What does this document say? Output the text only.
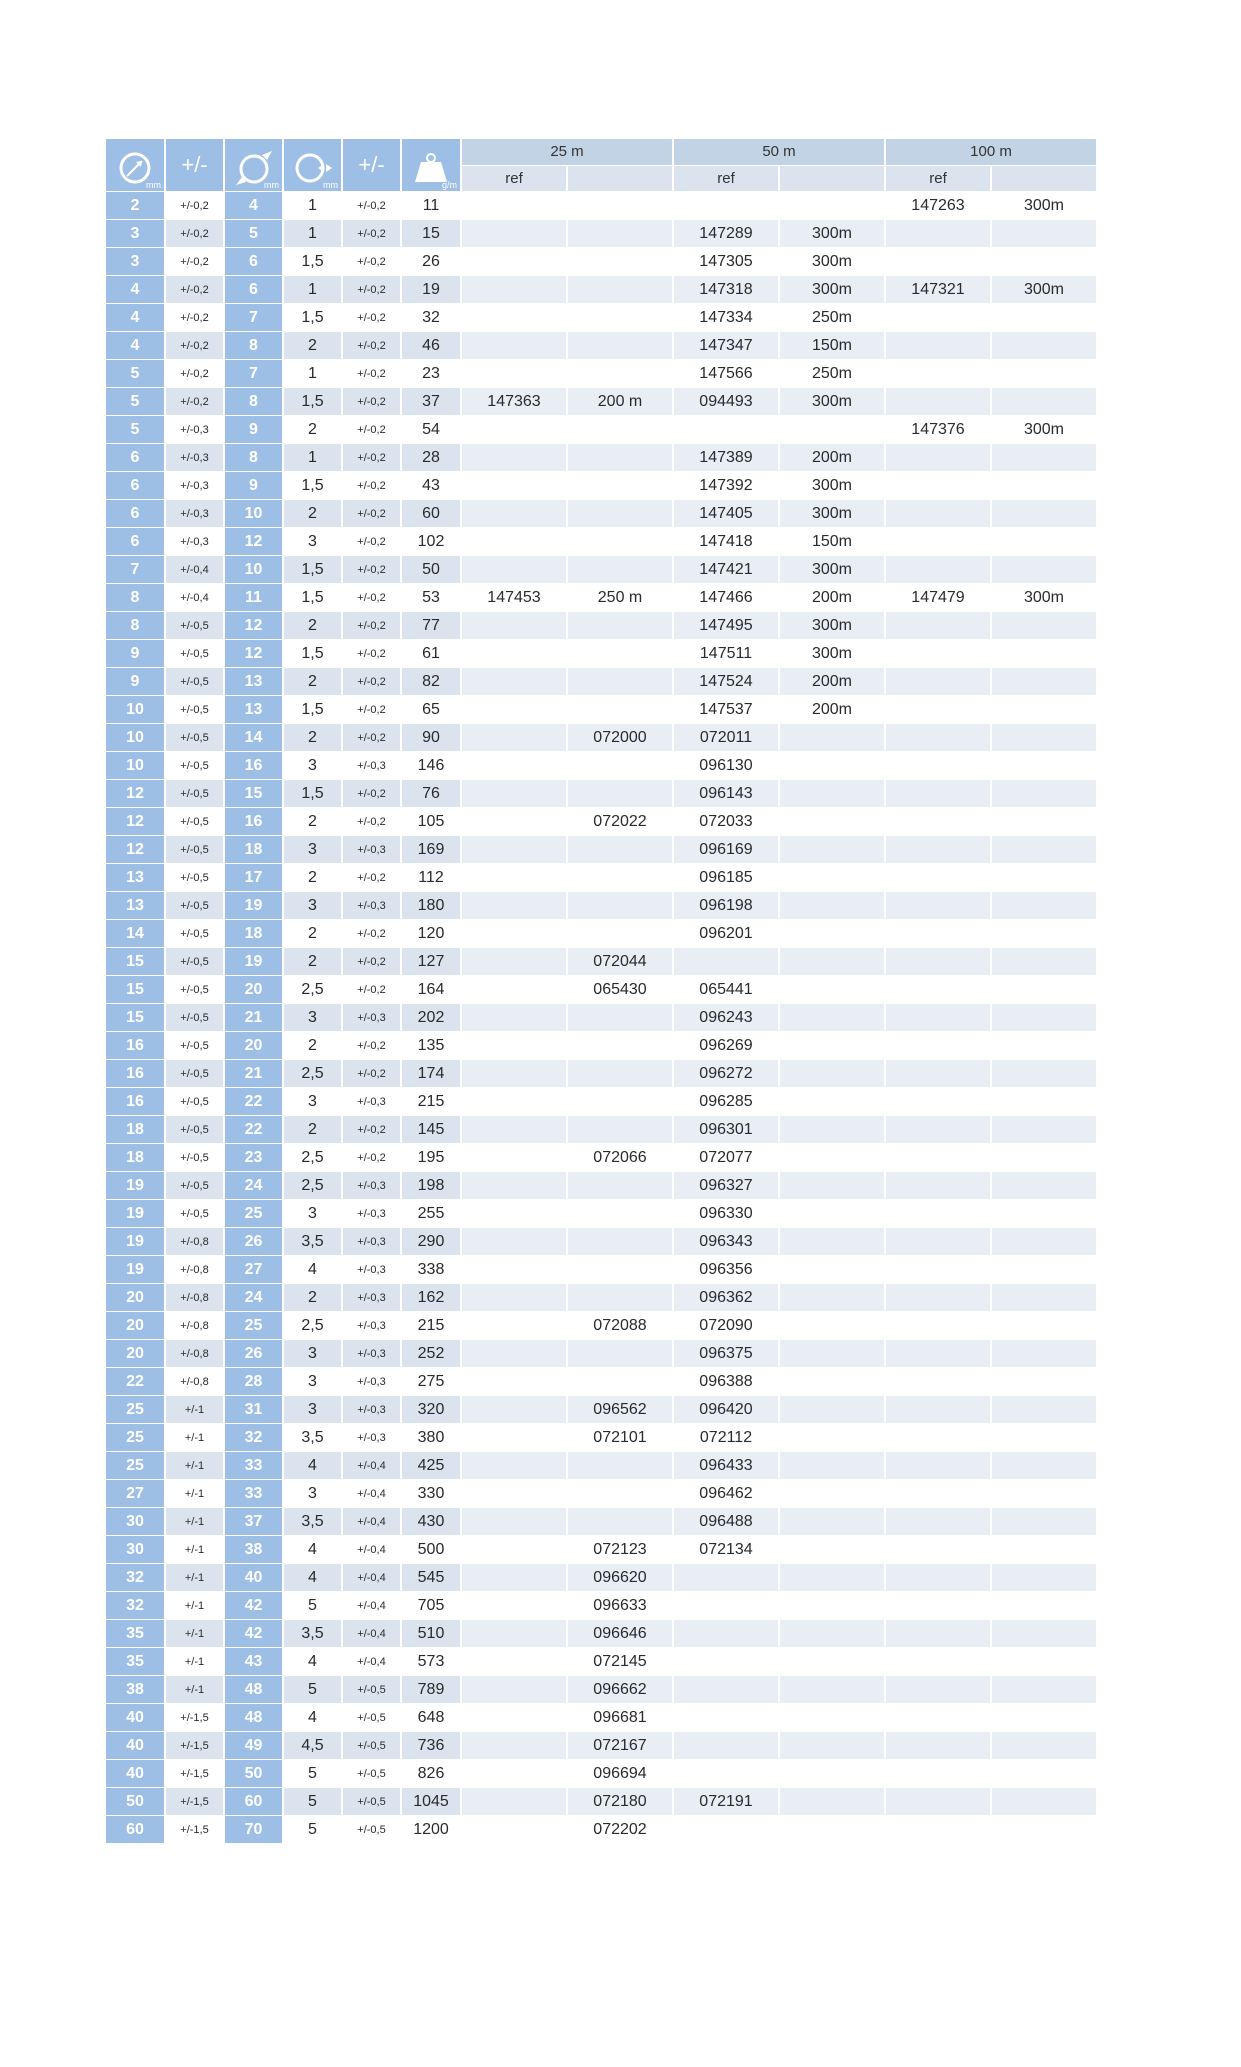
mm	+/-	mm	mm	+/-	g/m	25 m		50 m		100 m	
						ref		ref		ref	
2	+/-0,2	4	1	+/-0,2	11					147263	300m
3	+/-0,2	5	1	+/-0,2	15			147289	300m		
3	+/-0,2	6	1,5	+/-0,2	26			147305	300m		
4	+/-0,2	6	1	+/-0,2	19			147318	300m	147321	300m
4	+/-0,2	7	1,5	+/-0,2	32			147334	250m		
4	+/-0,2	8	2	+/-0,2	46			147347	150m		
5	+/-0,2	7	1	+/-0,2	23			147566	250m		
5	+/-0,2	8	1,5	+/-0,2	37	147363	200 m	094493	300m		
5	+/-0,3	9	2	+/-0,2	54					147376	300m
6	+/-0,3	8	1	+/-0,2	28			147389	200m		
6	+/-0,3	9	1,5	+/-0,2	43			147392	300m		
6	+/-0,3	10	2	+/-0,2	60			147405	300m		
6	+/-0,3	12	3	+/-0,2	102			147418	150m		
7	+/-0,4	10	1,5	+/-0,2	50			147421	300m		
8	+/-0,4	11	1,5	+/-0,2	53	147453	250 m	147466	200m	147479	300m
8	+/-0,5	12	2	+/-0,2	77			147495	300m		
9	+/-0,5	12	1,5	+/-0,2	61			147511	300m		
9	+/-0,5	13	2	+/-0,2	82			147524	200m		
10	+/-0,5	13	1,5	+/-0,2	65			147537	200m		
10	+/-0,5	14	2	+/-0,2	90		072000	072011			
10	+/-0,5	16	3	+/-0,3	146			096130			
12	+/-0,5	15	1,5	+/-0,2	76			096143			
12	+/-0,5	16	2	+/-0,2	105		072022	072033			
12	+/-0,5	18	3	+/-0,3	169			096169			
13	+/-0,5	17	2	+/-0,2	112			096185			
13	+/-0,5	19	3	+/-0,3	180			096198			
14	+/-0,5	18	2	+/-0,2	120			096201			
15	+/-0,5	19	2	+/-0,2	127		072044				
15	+/-0,5	20	2,5	+/-0,2	164		065430	065441			
15	+/-0,5	21	3	+/-0,3	202			096243			
16	+/-0,5	20	2	+/-0,2	135			096269			
16	+/-0,5	21	2,5	+/-0,2	174			096272			
16	+/-0,5	22	3	+/-0,3	215			096285			
18	+/-0,5	22	2	+/-0,2	145			096301			
18	+/-0,5	23	2,5	+/-0,2	195		072066	072077			
19	+/-0,5	24	2,5	+/-0,3	198			096327			
19	+/-0,5	25	3	+/-0,3	255			096330			
19	+/-0,8	26	3,5	+/-0,3	290			096343			
19	+/-0,8	27	4	+/-0,3	338			096356			
20	+/-0,8	24	2	+/-0,3	162			096362			
20	+/-0,8	25	2,5	+/-0,3	215		072088	072090			
20	+/-0,8	26	3	+/-0,3	252			096375			
22	+/-0,8	28	3	+/-0,3	275			096388			
25	+/-1	31	3	+/-0,3	320		096562	096420			
25	+/-1	32	3,5	+/-0,3	380		072101	072112			
25	+/-1	33	4	+/-0,4	425			096433			
27	+/-1	33	3	+/-0,4	330			096462			
30	+/-1	37	3,5	+/-0,4	430			096488			
30	+/-1	38	4	+/-0,4	500		072123	072134			
32	+/-1	40	4	+/-0,4	545		096620				
32	+/-1	42	5	+/-0,4	705		096633				
35	+/-1	42	3,5	+/-0,4	510		096646				
35	+/-1	43	4	+/-0,4	573		072145				
38	+/-1	48	5	+/-0,5	789		096662				
40	+/-1,5	48	4	+/-0,5	648		096681				
40	+/-1,5	49	4,5	+/-0,5	736		072167				
40	+/-1,5	50	5	+/-0,5	826		096694				
50	+/-1,5	60	5	+/-0,5	1045		072180	072191			
60	+/-1,5	70	5	+/-0,5	1200		072202				
